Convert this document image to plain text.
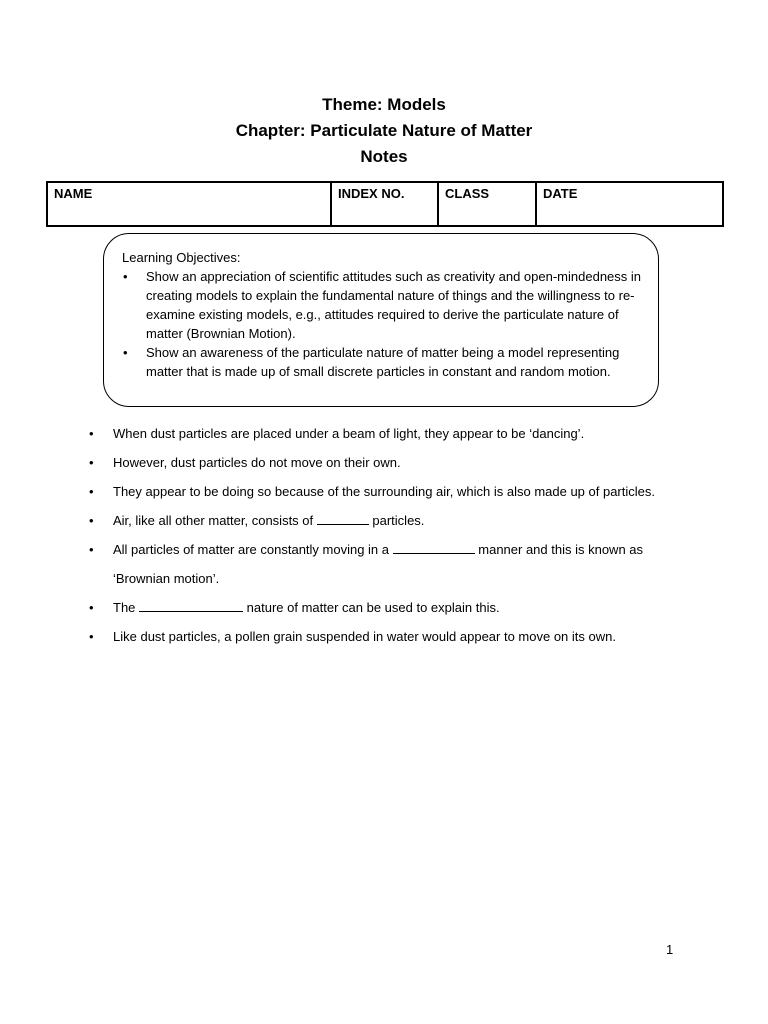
Theme: Models
Chapter: Particulate Nature of Matter
Notes
NAME	INDEX NO.	CLASS	DATE
Learning Objectives:
• Show an appreciation of scientific attitudes such as creativity and open-mindedness in creating models to explain the fundamental nature of things and the willingness to re-examine existing models, e.g., attitudes required to derive the particulate nature of matter (Brownian Motion).
• Show an awareness of the particulate nature of matter being a model representing matter that is made up of small discrete particles in constant and random motion.
• When dust particles are placed under a beam of light, they appear to be ‘dancing’.
• However, dust particles do not move on their own.
• They appear to be doing so because of the surrounding air, which is also made up of particles.
• Air, like all other matter, consists of	particles.
• All particles of matter are constantly moving in a	manner and this is known as ‘Brownian motion’.
• The	nature of matter can be used to explain this.
• Like dust particles, a pollen grain suspended in water would appear to move on its own.
1
